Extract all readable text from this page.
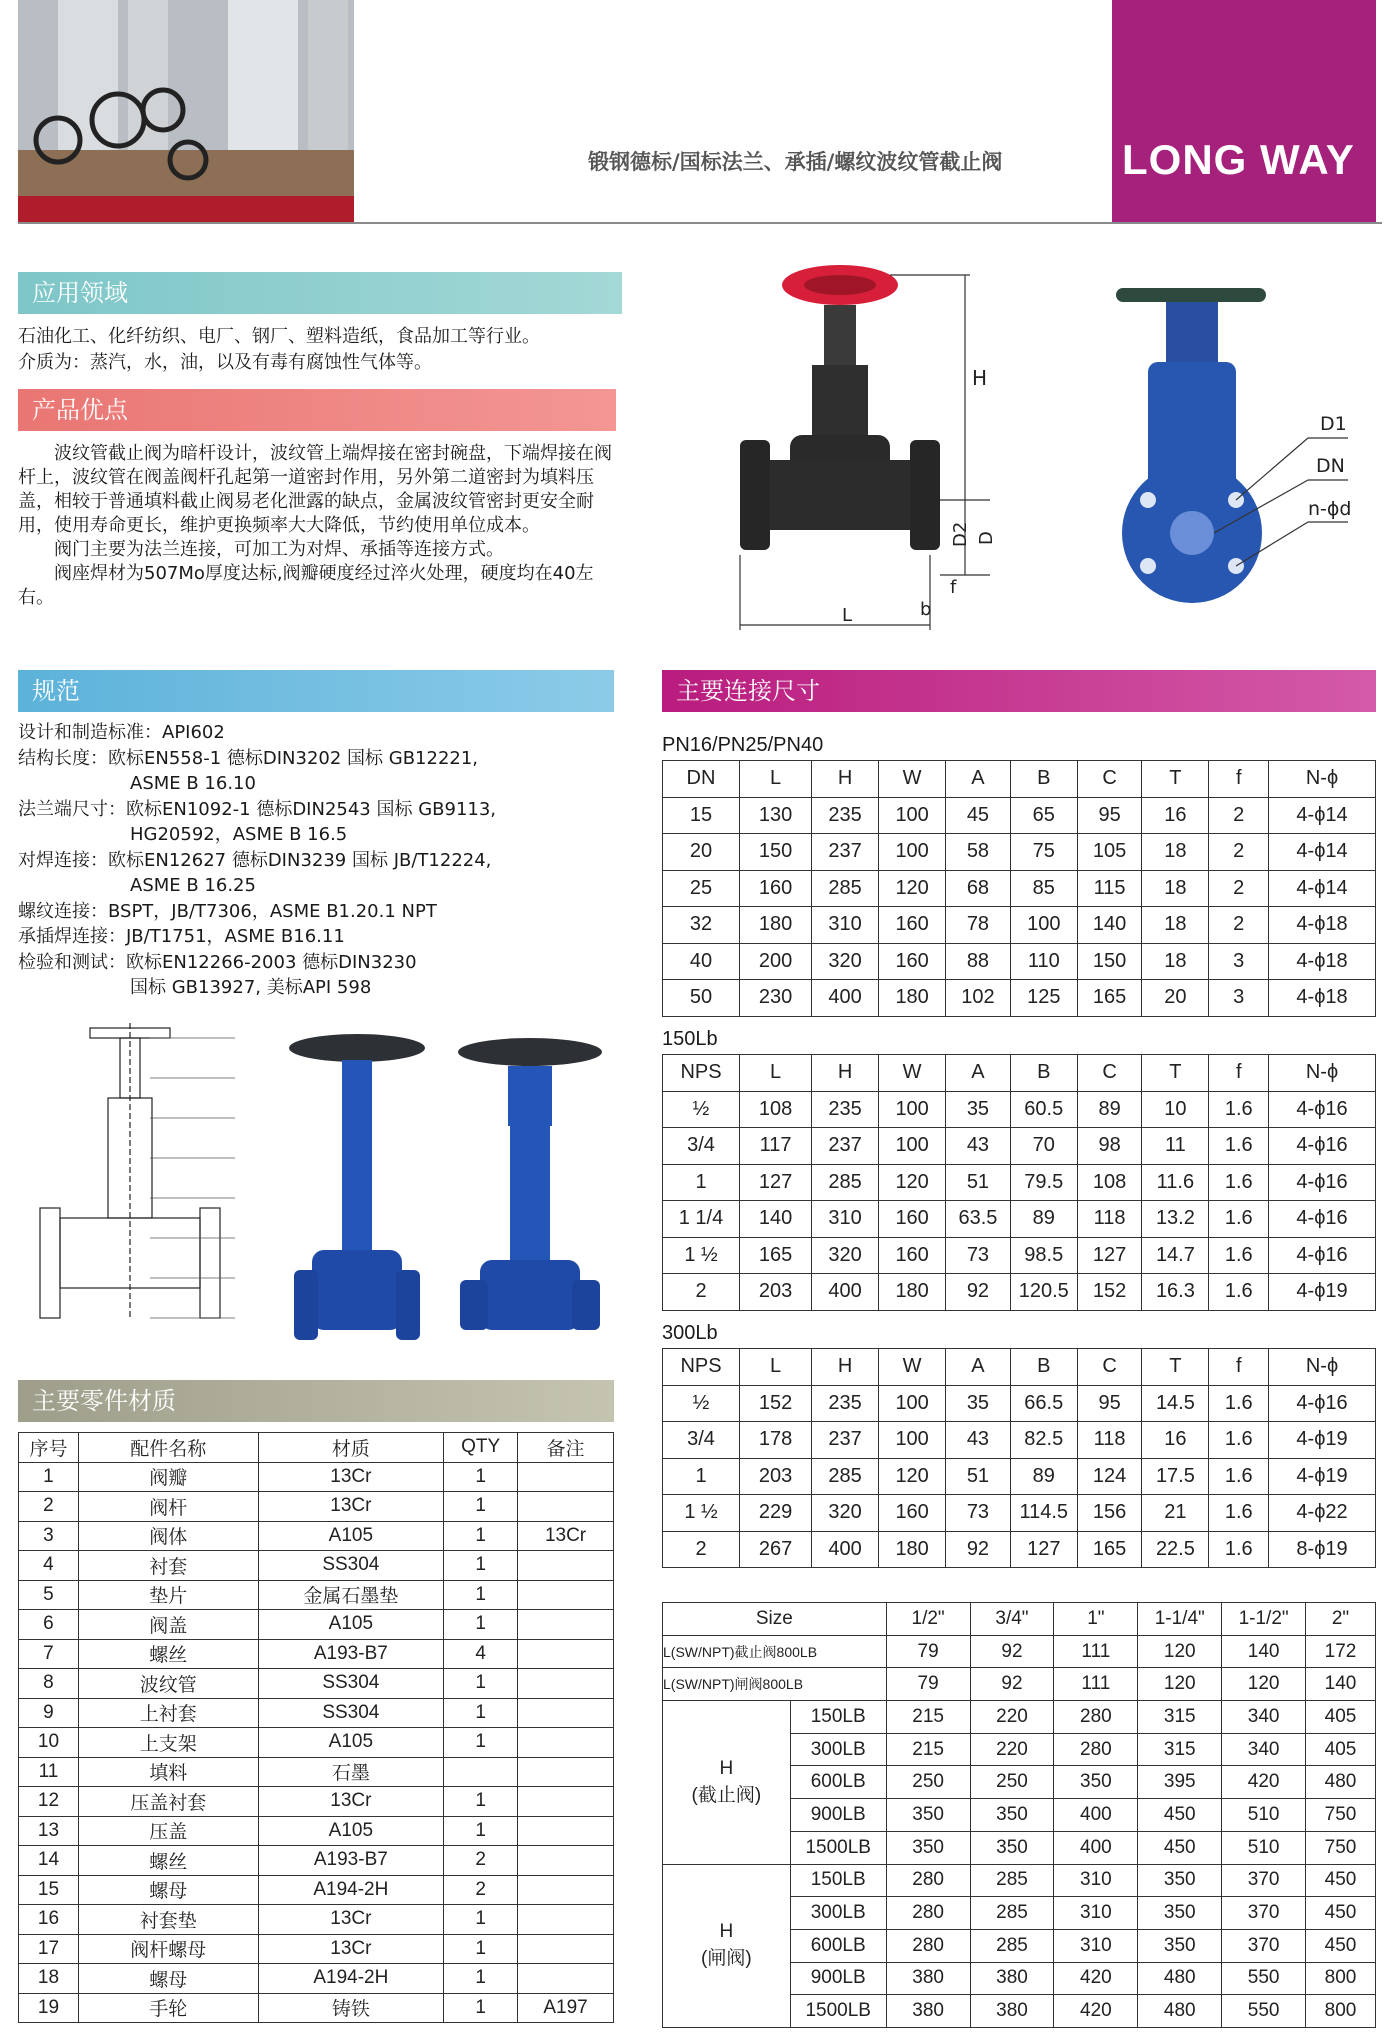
锻钢德标/国标法兰、承插/螺纹波纹管截止阀	LONG WAY
应用领域
石油化工、化纤纺织、电厂、钢厂、塑料造纸，食品加工等行业。
介质为：蒸汽，水，油，以及有毒有腐蚀性气体等。
产品优点

波纹管截止阀为暗杆设计，波纹管上端焊接在密封碗盘，下端焊接在阀杆上，波纹管在阀盖阀杆孔起第一道密封作用，另外第二道密封为填料压盖，相较于普通填料截止阀易老化泄露的缺点，金属波纹管密封更安全耐用，使用寿命更长，维护更换频率大大降低，节约使用单位成本。

阀门主要为法兰连接，可加工为对焊、承插等连接方式。

阀座焊材为507Mo厚度达标,阀瓣硬度经过淬火处理，硬度均在40左右。

规范
设计和制造标准：API602
结构长度：欧标EN558-1 德标DIN3202 国标 GB12221,
ASME B 16.10
法兰端尺寸：欧标EN1092-1 德标DIN2543 国标 GB9113,
HG20592，ASME B 16.5
对焊连接：欧标EN12627 德标DIN3239 国标 JB/T12224,
ASME B 16.25
螺纹连接：BSPT，JB/T7306，ASME B1.20.1 NPT
承插焊连接：JB/T1751，ASME B16.11
检验和测试：欧标EN12266-2003 德标DIN3230
国标 GB13927, 美标API 598
H
D
D2
L	b
f
D1
DN
n-ϕd
主要零件材质
序号	配件名称	材质	QTY	备注
1	阀瓣	13Cr	1	
2	阀杆	13Cr	1	
3	阀体	A105	1	13Cr
4	衬套	SS304	1	
5	垫片	金属石墨垫	1	
6	阀盖	A105	1	
7	螺丝	A193-B7	4	
8	波纹管	SS304	1	
9	上衬套	SS304	1	
10	上支架	A105	1	
11	填料	石墨		
12	压盖衬套	13Cr	1	
13	压盖	A105	1	
14	螺丝	A193-B7	2	
15	螺母	A194-2H	2	
16	衬套垫	13Cr	1	
17	阀杆螺母	13Cr	1	
18	螺母	A194-2H	1	
19	手轮	铸铁	1	A197
主要连接尺寸
PN16/PN25/PN40
DN	L	H	W	A	B	C	T	f	N-ϕ
15	130	235	100	45	65	95	16	2	4-ϕ14
20	150	237	100	58	75	105	18	2	4-ϕ14
25	160	285	120	68	85	115	18	2	4-ϕ14
32	180	310	160	78	100	140	18	2	4-ϕ18
40	200	320	160	88	110	150	18	3	4-ϕ18
50	230	400	180	102	125	165	20	3	4-ϕ18
150Lb
NPS	L	H	W	A	B	C	T	f	N-ϕ
½	108	235	100	35	60.5	89	10	1.6	4-ϕ16
3/4	117	237	100	43	70	98	11	1.6	4-ϕ16
1	127	285	120	51	79.5	108	11.6	1.6	4-ϕ16
1 1/4	140	310	160	63.5	89	118	13.2	1.6	4-ϕ16
1 ½	165	320	160	73	98.5	127	14.7	1.6	4-ϕ16
2	203	400	180	92	120.5	152	16.3	1.6	4-ϕ19
300Lb
NPS	L	H	W	A	B	C	T	f	N-ϕ
½	152	235	100	35	66.5	95	14.5	1.6	4-ϕ16
3/4	178	237	100	43	82.5	118	16	1.6	4-ϕ19
1	203	285	120	51	89	124	17.5	1.6	4-ϕ19
1 ½	229	320	160	73	114.5	156	21	1.6	4-ϕ22
2	267	400	180	92	127	165	22.5	1.6	8-ϕ19
Size		1/2"	3/4"	1"	1-1/4"	1-1/2"	2"
L(SW/NPT)截止阀800LB		79	92	111	120	140	172
L(SW/NPT)闸阀800LB		79	92	111	120	120	140

H
(截止阀)	150LB	215	220	280	315	340	405
	300LB	215	220	280	315	340	405
	600LB	250	250	350	395	420	480
	900LB	350	350	400	450	510	750
	1500LB	350	350	400	450	510	750

H
(闸阀)	150LB	280	285	310	350	370	450
	300LB	280	285	310	350	370	450
	600LB	280	285	310	350	370	450
	900LB	380	380	420	480	550	800
	1500LB	380	380	420	480	550	800
